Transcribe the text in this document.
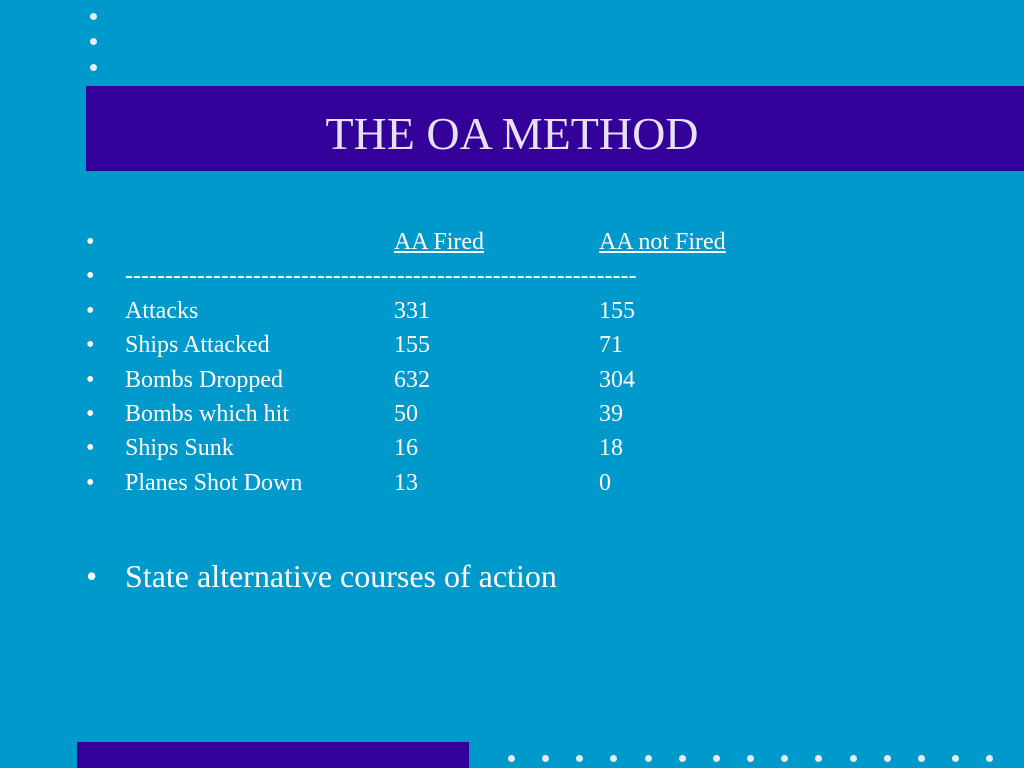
THE OA METHOD
•	AA Fired	AA not Fired
• ----------------------------------------------------------------
• Attacks	331	155
• Ships Attacked	155	71
• Bombs Dropped	632	304
• Bombs which hit	50	39
• Ships Sunk	16	18
• Planes Shot Down	13	0
• State alternative courses of action
